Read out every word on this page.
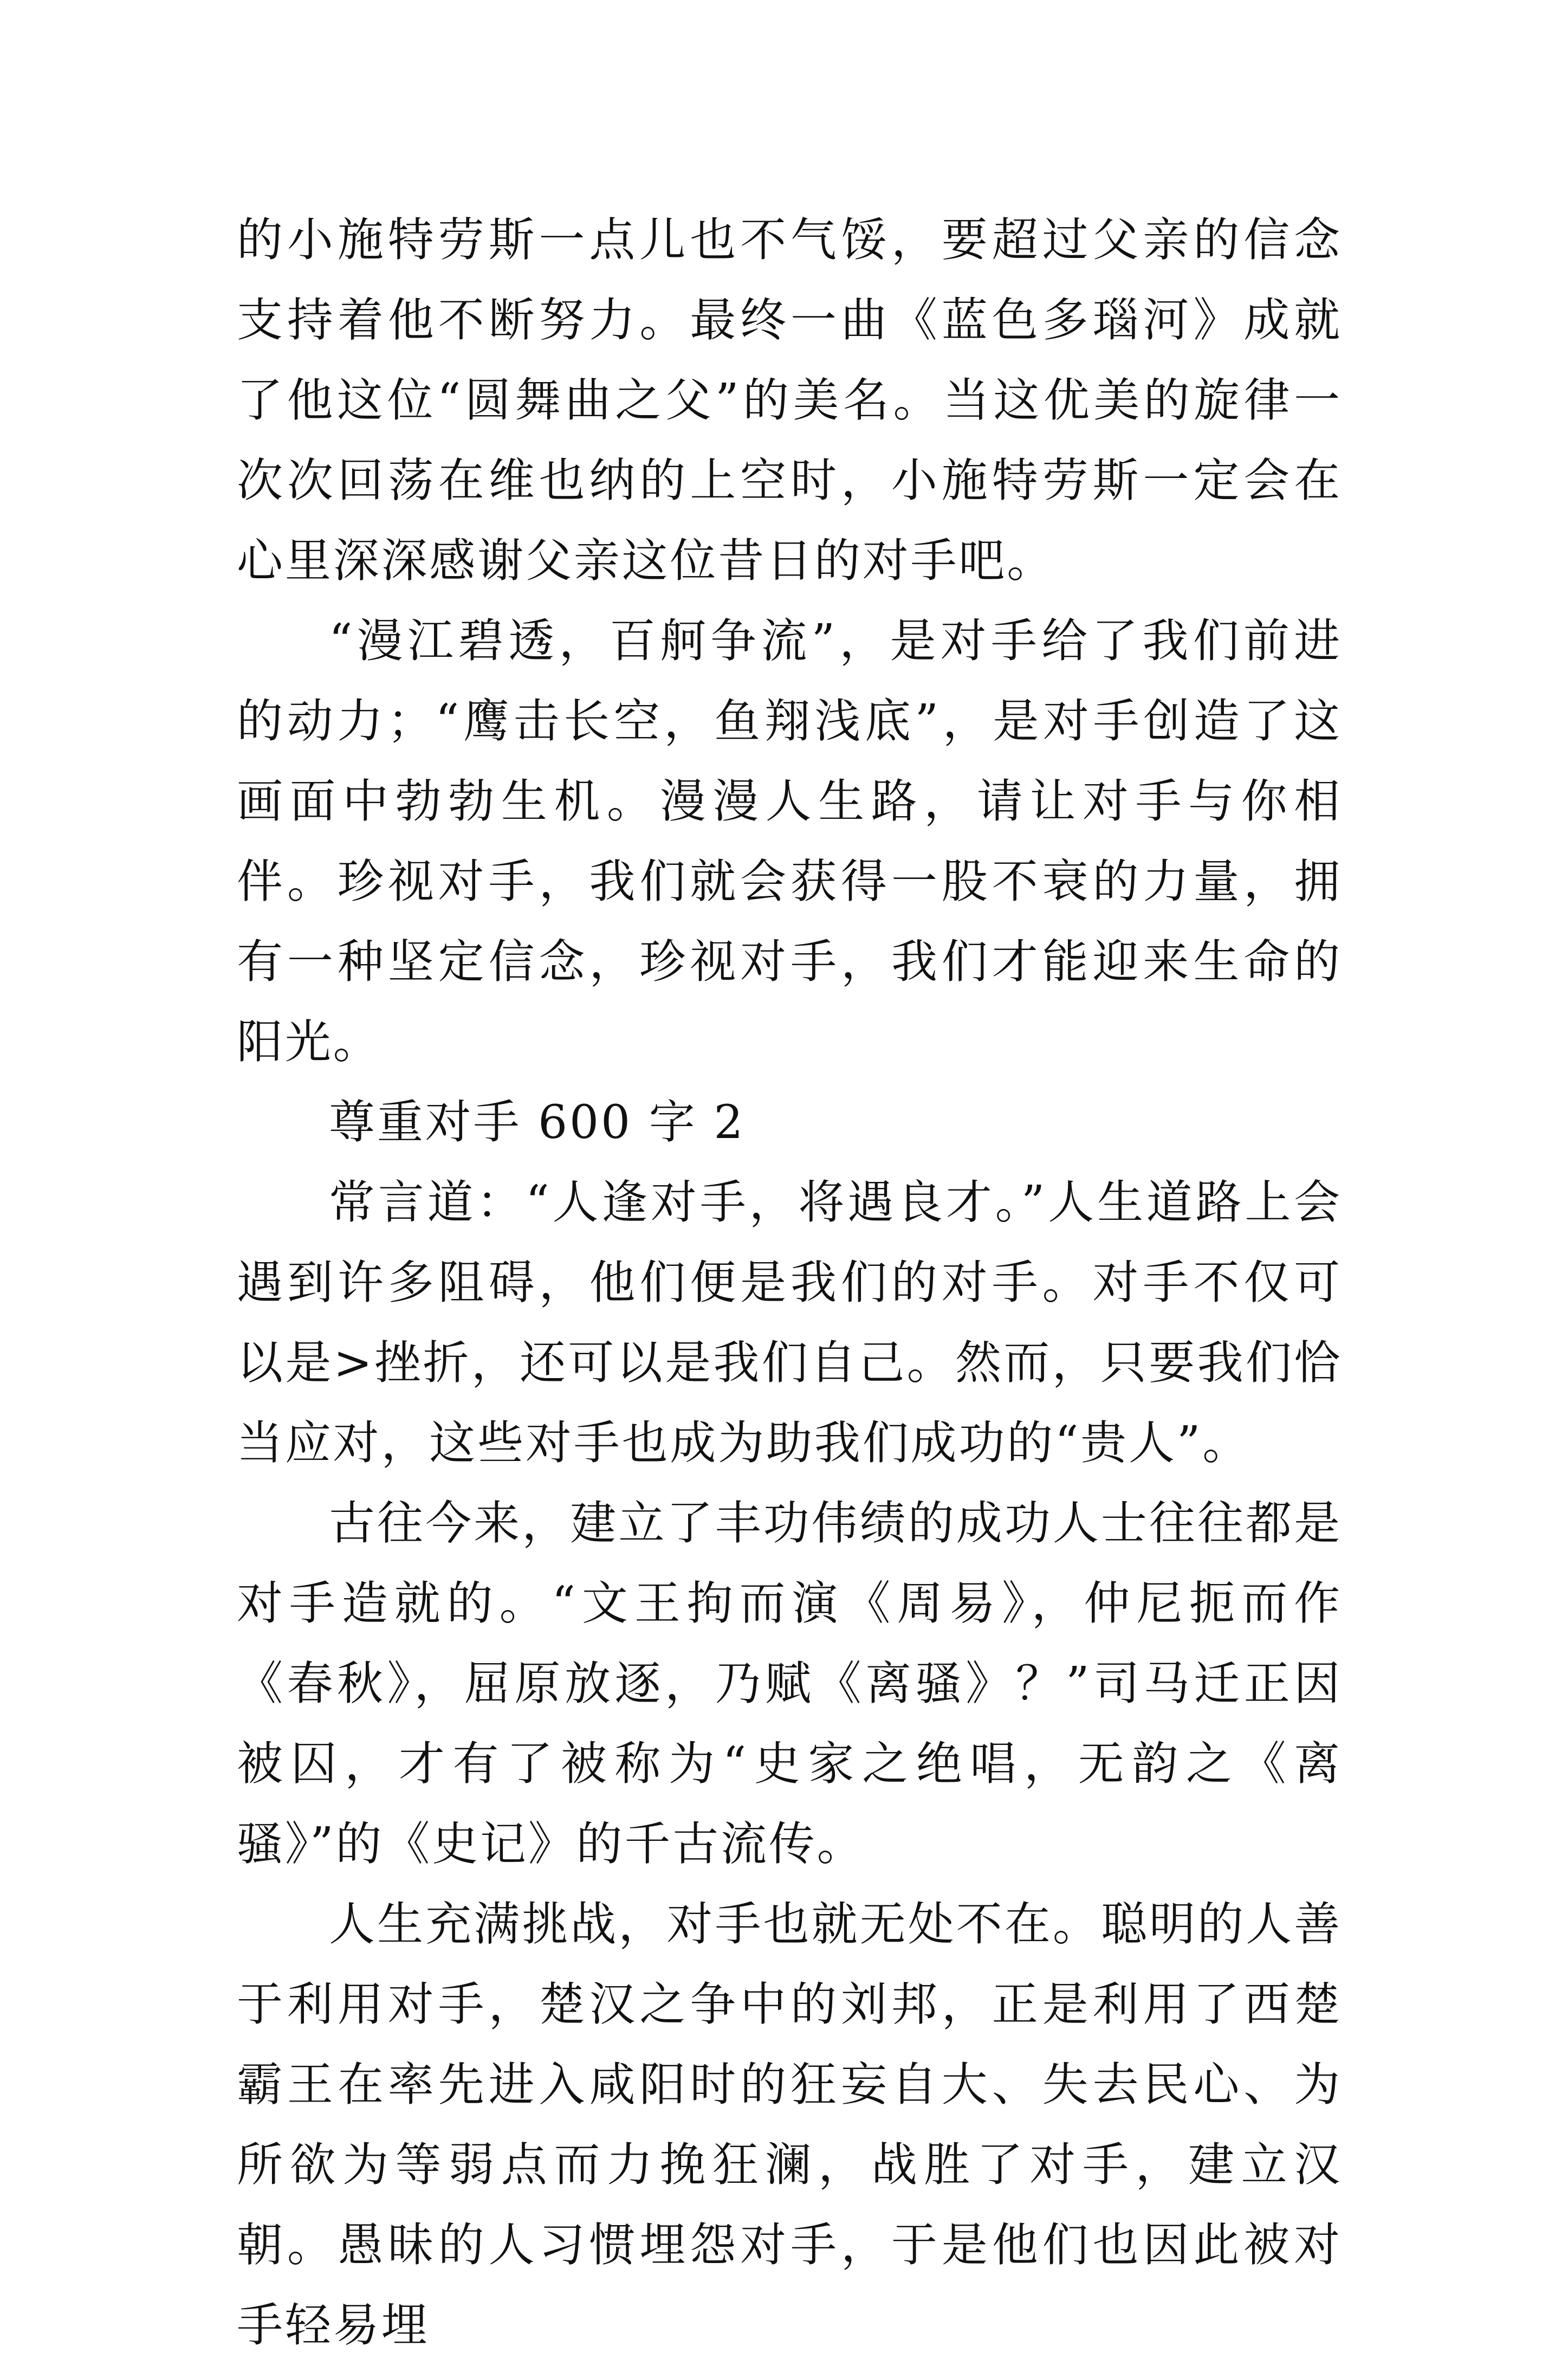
的小施特劳斯一点儿也不气馁，要超过父亲的信念支持着他不断努力。最终一曲《蓝色多瑙河》成就了他这位“圆舞曲之父”的美名。当这优美的旋律一次次回荡在维也纳的上空时，小施特劳斯一定会在心里深深感谢父亲这位昔日的对手吧。

“漫江碧透，百舸争流”，是对手给了我们前进的动力；“鹰击长空，鱼翔浅底”，是对手创造了这画面中勃勃生机。漫漫人生路，请让对手与你相伴。珍视对手，我们就会获得一股不衰的力量，拥有一种坚定信念，珍视对手，我们才能迎来生命的阳光。

尊重对手 600 字 2

常言道：“人逢对手，将遇良才。”人生道路上会遇到许多阻碍，他们便是我们的对手。对手不仅可以是>挫折，还可以是我们自己。然而，只要我们恰当应对，这些对手也成为助我们成功的“贵人”。

古往今来，建立了丰功伟绩的成功人士往往都是对手造就的。“文王拘而演《周易》，仲尼扼而作《春秋》，屈原放逐，乃赋《离骚》？”司马迁正因被囚，才有了被称为“史家之绝唱，无韵之《离骚》”的《史记》的千古流传。

人生充满挑战，对手也就无处不在。聪明的人善于利用对手，楚汉之争中的刘邦，正是利用了西楚霸王在率先进入咸阳时的狂妄自大、失去民心、为所欲为等弱点而力挽狂澜，战胜了对手，建立汉朝。愚昧的人习惯埋怨对手，于是他们也因此被对手轻易埋
